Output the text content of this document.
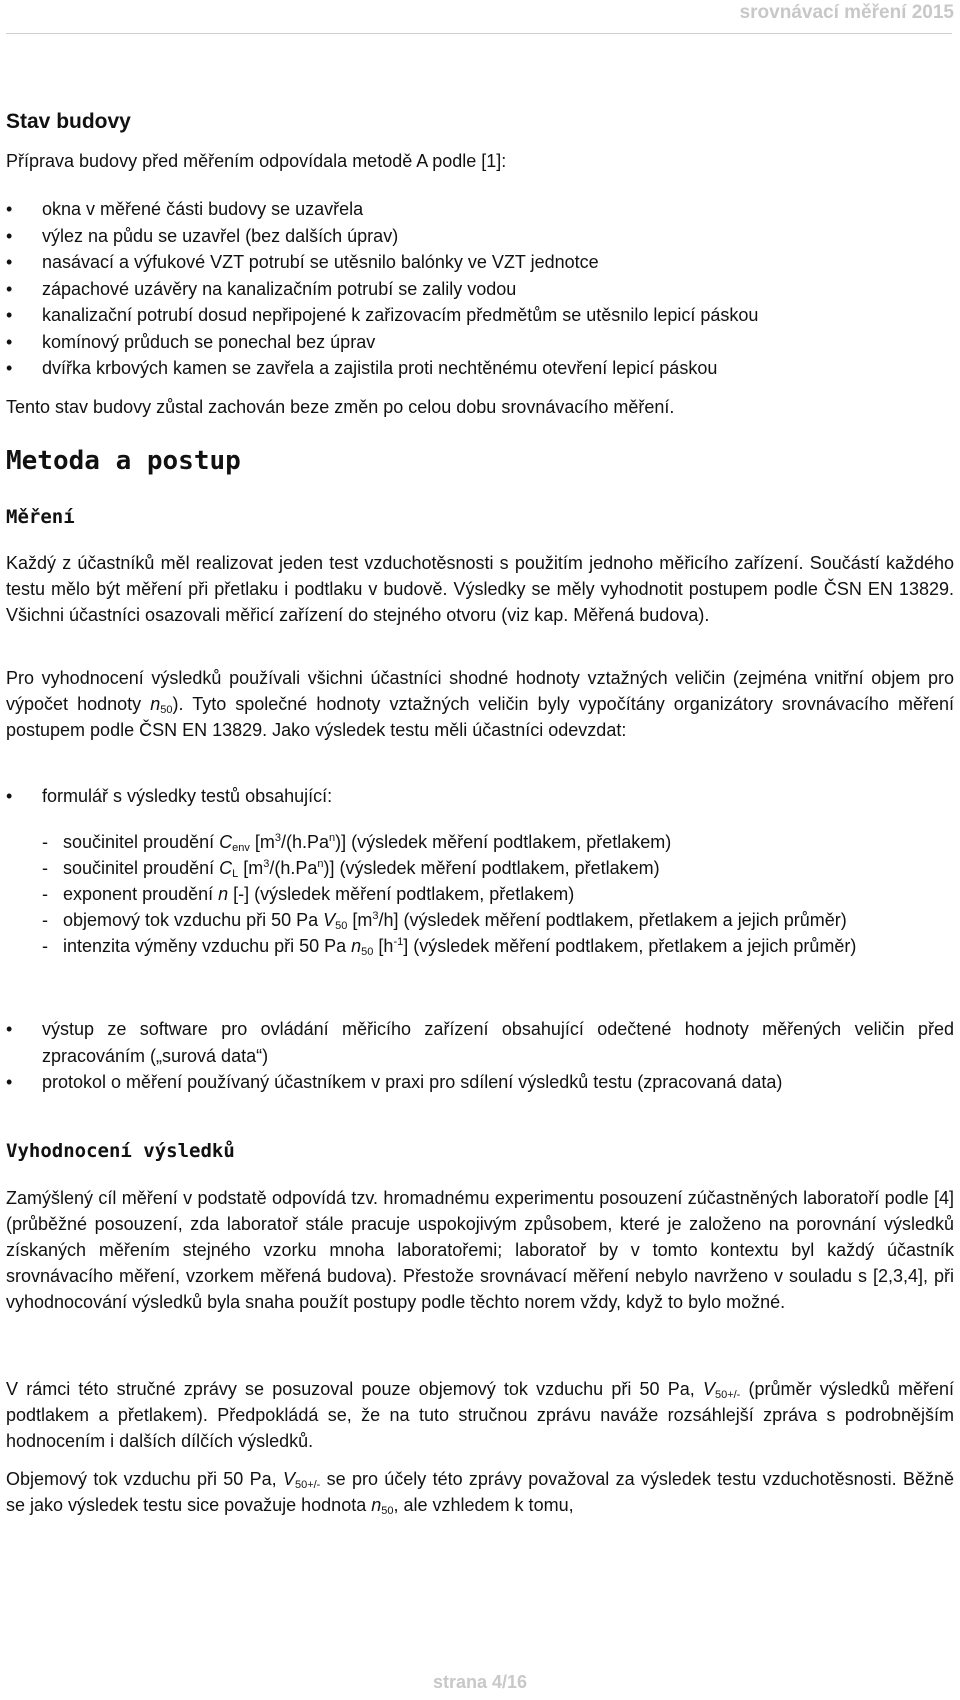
srovnávací měření 2015
Stav budovy

Příprava budovy před měřením odpovídala metodě A podle [1]:

• okna v měřené části budovy se uzavřela
• výlez na půdu se uzavřel (bez dalších úprav)
• nasávací a výfukové VZT potrubí se utěsnilo balónky ve VZT jednotce
• zápachové uzávěry na kanalizačním potrubí se zalily vodou
• kanalizační potrubí dosud nepřipojené k zařizovacím předmětům se utěsnilo lepicí páskou
• komínový průduch se ponechal bez úprav
• dvířka krbových kamen se zavřela a zajistila proti nechtěnému otevření lepicí páskou

Tento stav budovy zůstal zachován beze změn po celou dobu srovnávacího měření.

Metoda a postup
Měření

Každý z účastníků měl realizovat jeden test vzduchotěsnosti s použitím jednoho měřicího zařízení. Součástí každého testu mělo být měření při přetlaku i podtlaku v budově. Výsledky se měly vyhodnotit postupem podle ČSN EN 13829. Všichni účastníci osazovali měřicí zařízení do stejného otvoru (viz kap. Měřená budova).

Pro vyhodnocení výsledků používali všichni účastníci shodné hodnoty vztažných veličin (zejména vnitřní objem pro výpočet hodnoty $n_{50}$). Tyto společné hodnoty vztažných veličin byly vypočítány organizátory srovnávacího měření postupem podle ČSN EN 13829. Jako výsledek testu měli účastníci odevzdat:

• formulář s výsledky testů obsahující:
- součinitel proudění $C_{env}$ $[m^3/(h.Pa^n)]$ (výsledek měření podtlakem, přetlakem)
- součinitel proudění $C_L$ $[m^3/(h.Pa^n)]$ (výsledek měření podtlakem, přetlakem)
- exponent proudění n [-] (výsledek měření podtlakem, přetlakem)
- objemový tok vzduchu při 50 Pa $V_{50}$ $[m^3/h]$ (výsledek měření podtlakem, přetlakem a jejich průměr)
- intenzita výměny vzduchu při 50 Pa $n_{50}$ $[h^{-1}]$ (výsledek měření podtlakem, přetlakem a jejich průměr)
• výstup ze software pro ovládání měřicího zařízení obsahující odečtené hodnoty měřených veličin před zpracováním („surová data“)
• protokol o měření používaný účastníkem v praxi pro sdílení výsledků testu (zpracovaná data)
Vyhodnocení výsledků

Zamýšlený cíl měření v podstatě odpovídá tzv. hromadnému experimentu posouzení zúčastněných laboratoří podle [4] (průběžné posouzení, zda laboratoř stále pracuje uspokojivým způsobem, které je založeno na porovnání výsledků získaných měřením stejného vzorku mnoha laboratořemi; laboratoř by v tomto kontextu byl každý účastník srovnávacího měření, vzorkem měřená budova). Přestože srovnávací měření nebylo navrženo v souladu s [2,3,4], při vyhodnocování výsledků byla snaha použít postupy podle těchto norem vždy, když to bylo možné.

V rámci této stručné zprávy se posuzoval pouze objemový tok vzduchu při 50 Pa, $V_{50+/-}$ (průměr výsledků měření podtlakem a přetlakem). Předpokládá se, že na tuto stručnou zprávu naváže rozsáhlejší zpráva s podrobnějším hodnocením i dalších dílčích výsledků.

Objemový tok vzduchu při 50 Pa, $V_{50+/-}$ se pro účely této zprávy považoval za výsledek testu vzduchotěsnosti. Běžně se jako výsledek testu sice považuje hodnota $n_{50}$, ale vzhledem k tomu,

strana 4/16
